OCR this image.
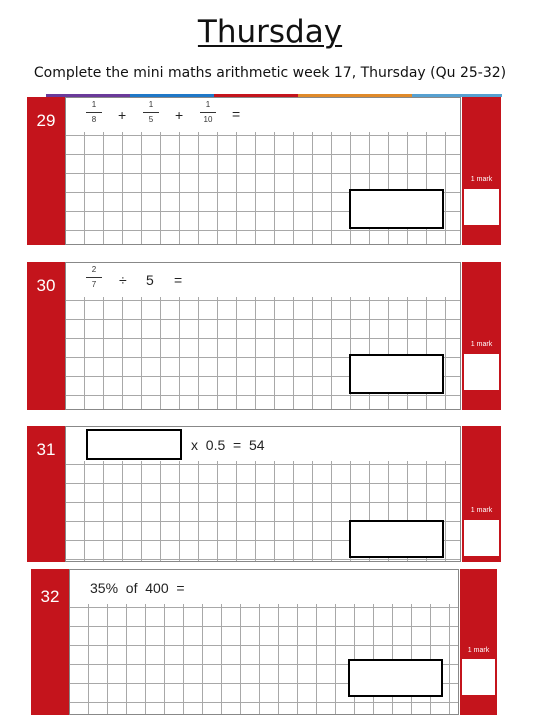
Thursday
Complete the mini maths arithmetic week 17, Thursday (Qu 25-32)
29
1
8	+
1
5	+
1
10 =
1 mark
30
2
7	÷ 5 =
1 mark
31	x  0.5  =  54
1 mark
32	35%  of  400  =
1 mark
